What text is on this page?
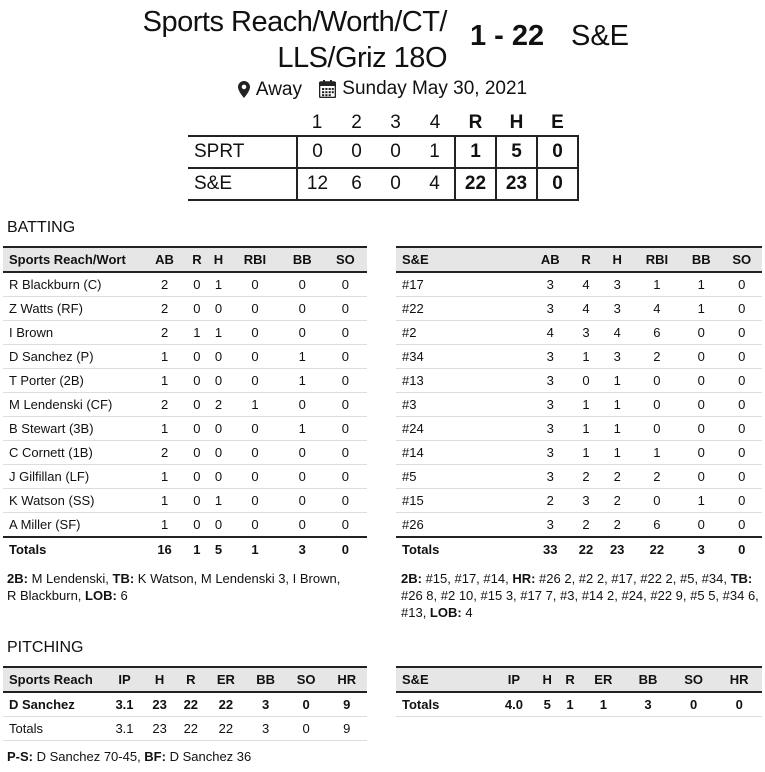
Sports Reach/Worth/CT/
LLS/Griz 18O
1 - 22 S&E
Away
Sunday May 30, 2021
	1	2	3	4	R	H	E
SPRT	0	0	0	1	1	5	0
S&E	12	6	0	4	22	23	0
BATTING
Sports Reach/Wort	AB	R	H	RBI	BB	SO
R Blackburn (C)	2	0	1	0	0	0
Z Watts (RF)	2	0	0	0	0	0
I Brown	2	1	1	0	0	0
D Sanchez (P)	1	0	0	0	1	0
T Porter (2B)	1	0	0	0	1	0
M Lendenski (CF)	2	0	2	1	0	0
B Stewart (3B)	1	0	0	0	1	0
C Cornett (1B)	2	0	0	0	0	0
J Gilfillan (LF)	1	0	0	0	0	0
K Watson (SS)	1	0	1	0	0	0
A Miller (SF)	1	0	0	0	0	0
Totals	16	1	5	1	3	0
S&E	AB	R	H	RBI	BB	SO
#17	3	4	3	1	1	0
#22	3	4	3	4	1	0
#2	4	3	4	6	0	0
#34	3	1	3	2	0	0
#13	3	0	1	0	0	0
#3	3	1	1	0	0	0
#24	3	1	1	0	0	0
#14	3	1	1	1	0	0
#5	3	2	2	2	0	0
#15	2	3	2	0	1	0
#26	3	2	2	6	0	0
Totals	33	22	23	22	3	0
2B: M Lendenski, TB: K Watson, M Lendenski 3, I Brown, R Blackburn, LOB: 6
2B: #15, #17, #14, HR: #26 2, #2 2, #17, #22 2, #5, #34, TB: #26 8, #2 10, #15 3, #17 7, #3, #14 2, #24, #22 9, #5 5, #34 6, #13, LOB: 4
PITCHING
Sports Reach	IP	H	R	ER	BB	SO	HR
D Sanchez	3.1	23	22	22	3	0	9
Totals	3.1	23	22	22	3	0	9
S&E	IP	H	R	ER	BB	SO	HR
Totals	4.0	5	1	1	3	0	0
P-S: D Sanchez 70-45, BF: D Sanchez 36
